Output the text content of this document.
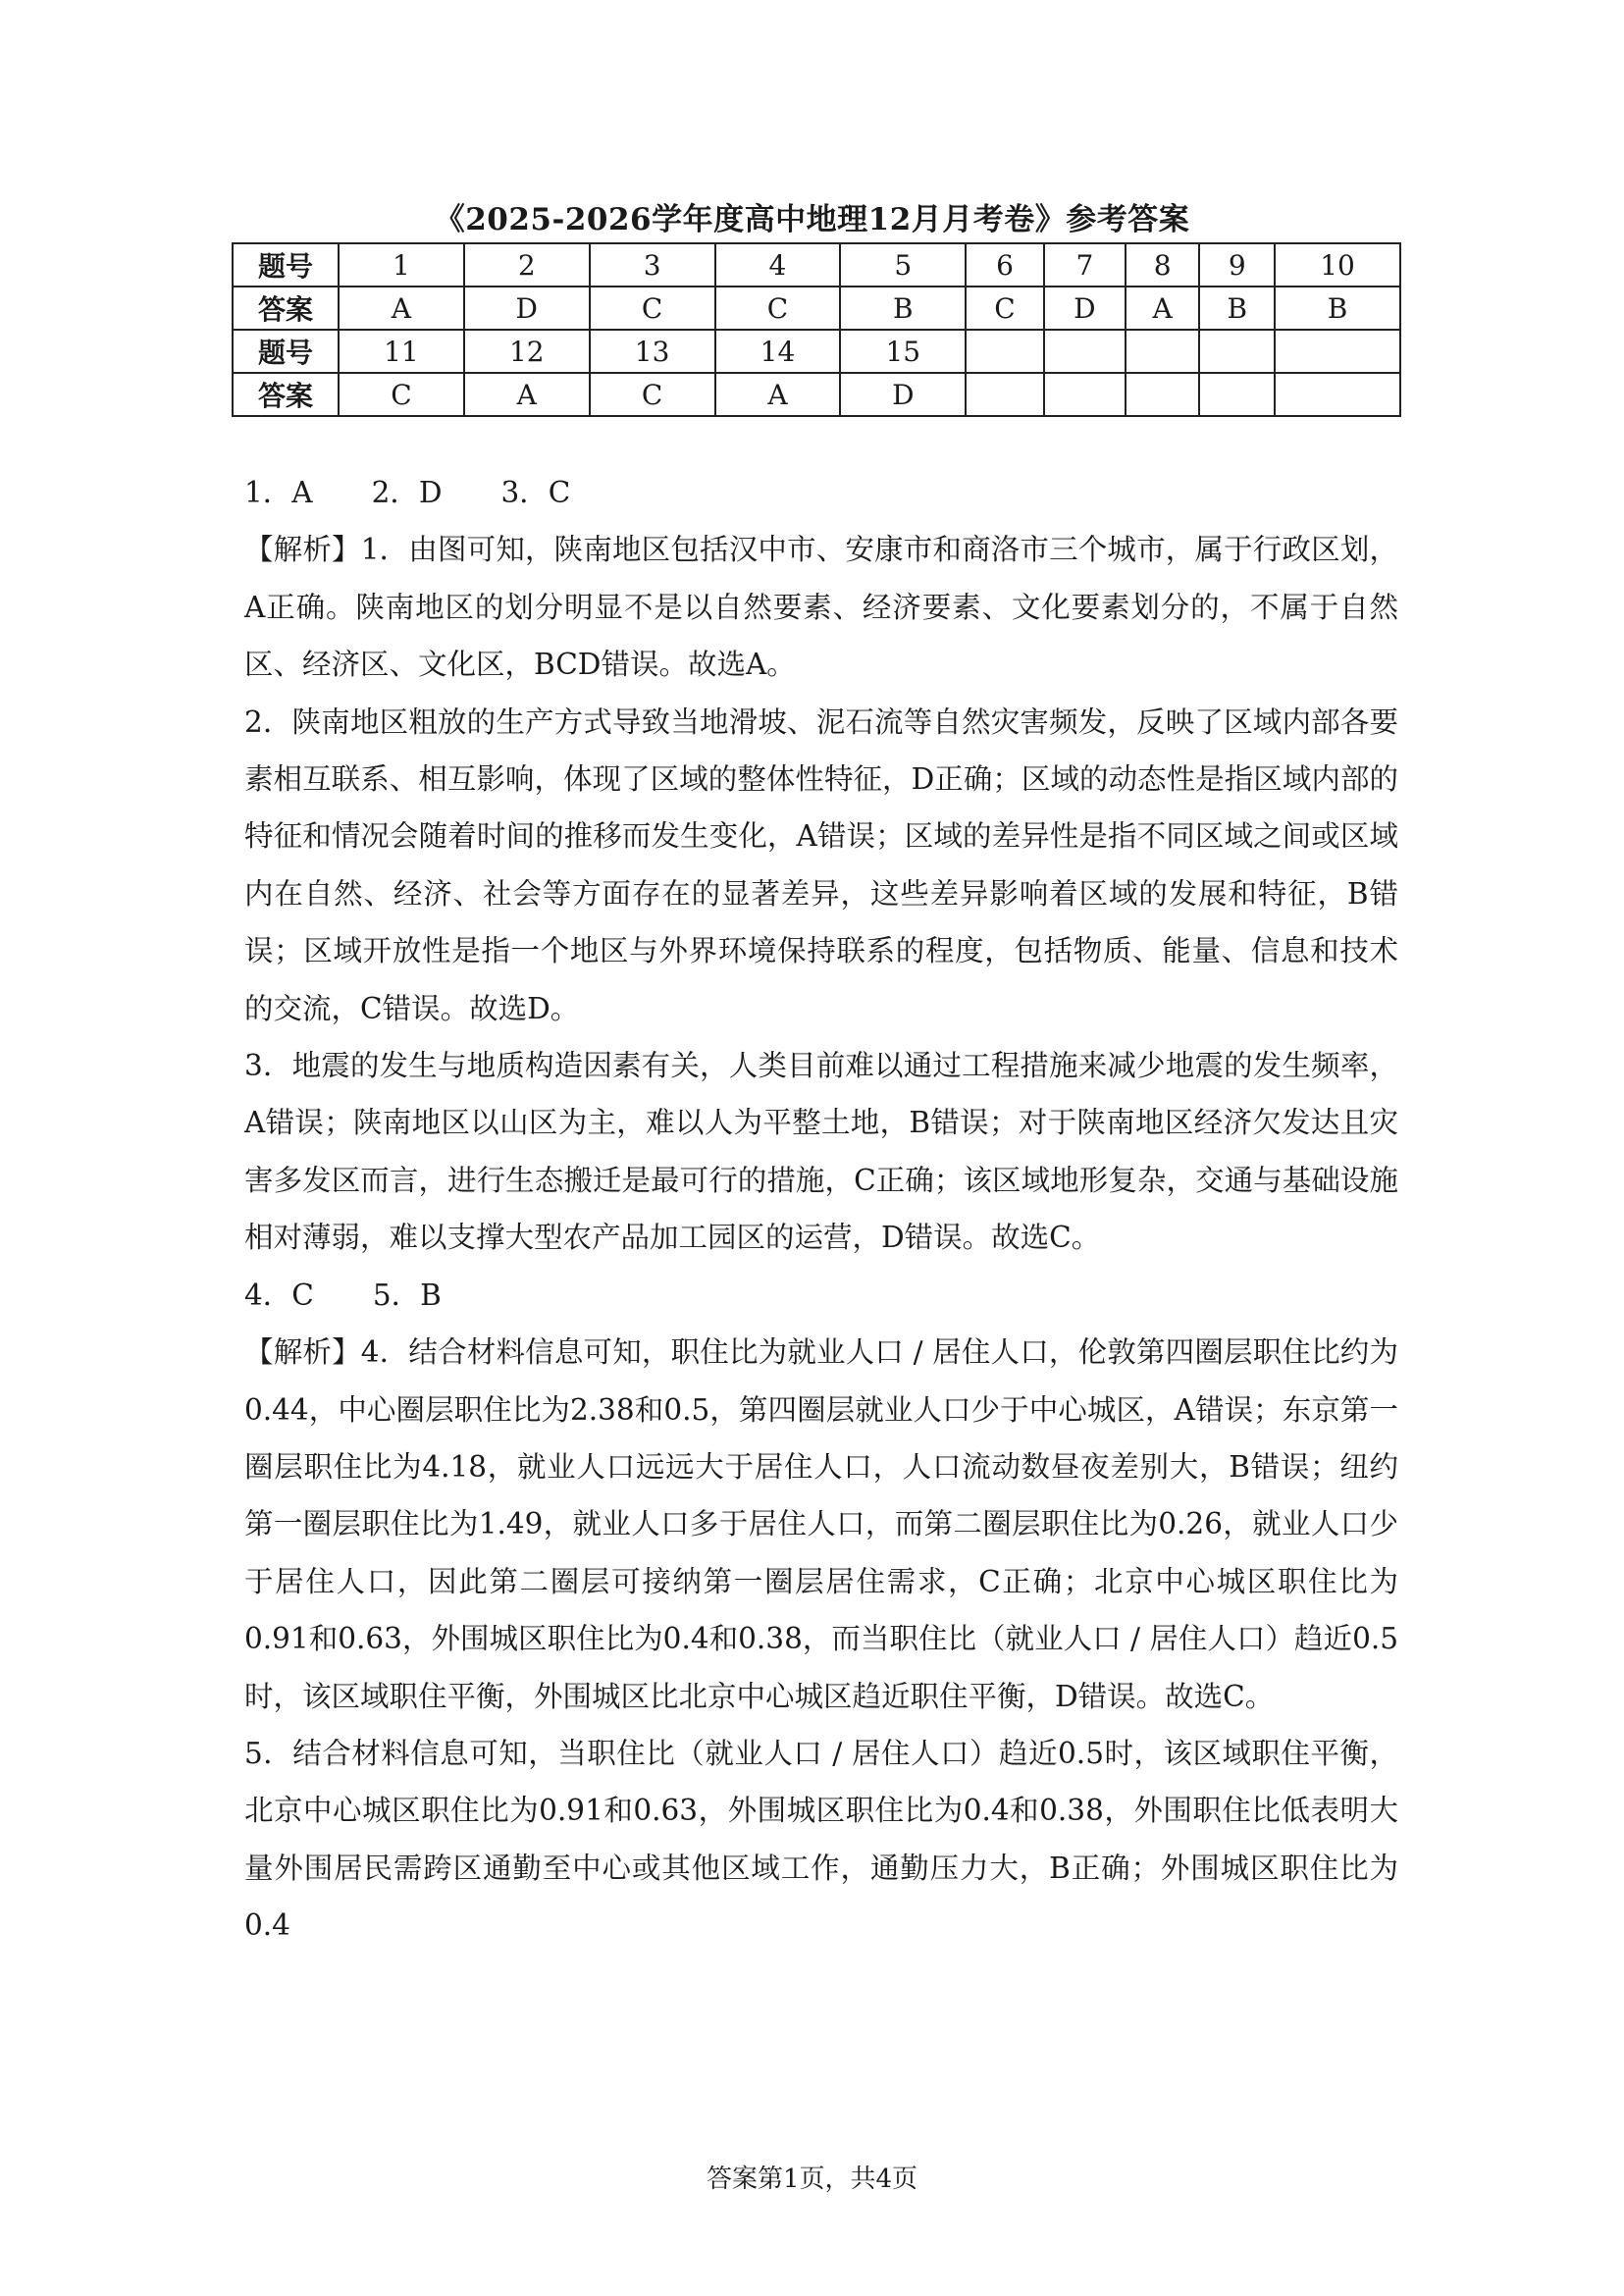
《2025-2026学年度高中地理12月月考卷》参考答案
题号	1	2	3	4	5	6	7	8	9	10
答案	A	D	C	C	B	C	D	A	B	B
题号	11	12	13	14	15					
答案	C	A	C	A	D					

1．A 2．D 3．C

【解析】1．由图可知，陕南地区包括汉中市、安康市和商洛市三个城市，属于行政区划，A正确。陕南地区的划分明显不是以自然要素、经济要素、文化要素划分的，不属于自然区、经济区、文化区，BCD错误。故选A。

2．陕南地区粗放的生产方式导致当地滑坡、泥石流等自然灾害频发，反映了区域内部各要素相互联系、相互影响，体现了区域的整体性特征，D正确；区域的动态性是指区域内部的特征和情况会随着时间的推移而发生变化，A错误；区域的差异性是指不同区域之间或区域内在自然、经济、社会等方面存在的显著差异，这些差异影响着区域的发展和特征，B错误；区域开放性是指一个地区与外界环境保持联系的程度，包括物质、能量、信息和技术的交流，C错误。故选D。

3．地震的发生与地质构造因素有关，人类目前难以通过工程措施来减少地震的发生频率，A错误；陕南地区以山区为主，难以人为平整土地，B错误；对于陕南地区经济欠发达且灾害多发区而言，进行生态搬迁是最可行的措施，C正确；该区域地形复杂，交通与基础设施相对薄弱，难以支撑大型农产品加工园区的运营，D错误。故选C。

4．C 5．B

【解析】4．结合材料信息可知，职住比为就业人口 / 居住人口，伦敦第四圈层职住比约为0.44，中心圈层职住比为2.38和0.5，第四圈层就业人口少于中心城区，A错误；东京第一圈层职住比为4.18，就业人口远远大于居住人口，人口流动数昼夜差别大，B错误；纽约第一圈层职住比为1.49，就业人口多于居住人口，而第二圈层职住比为0.26，就业人口少于居住人口，因此第二圈层可接纳第一圈层居住需求，C正确；北京中心城区职住比为0.91和0.63，外围城区职住比为0.4和0.38，而当职住比（就业人口 / 居住人口）趋近0.5时，该区域职住平衡，外围城区比北京中心城区趋近职住平衡，D错误。故选C。

5．结合材料信息可知，当职住比（就业人口 / 居住人口）趋近0.5时，该区域职住平衡，北京中心城区职住比为0.91和0.63，外围城区职住比为0.4和0.38，外围职住比低表明大量外围居民需跨区通勤至中心或其他区域工作，通勤压力大，B正确；外围城区职住比为0.4

答案第1页，共4页
